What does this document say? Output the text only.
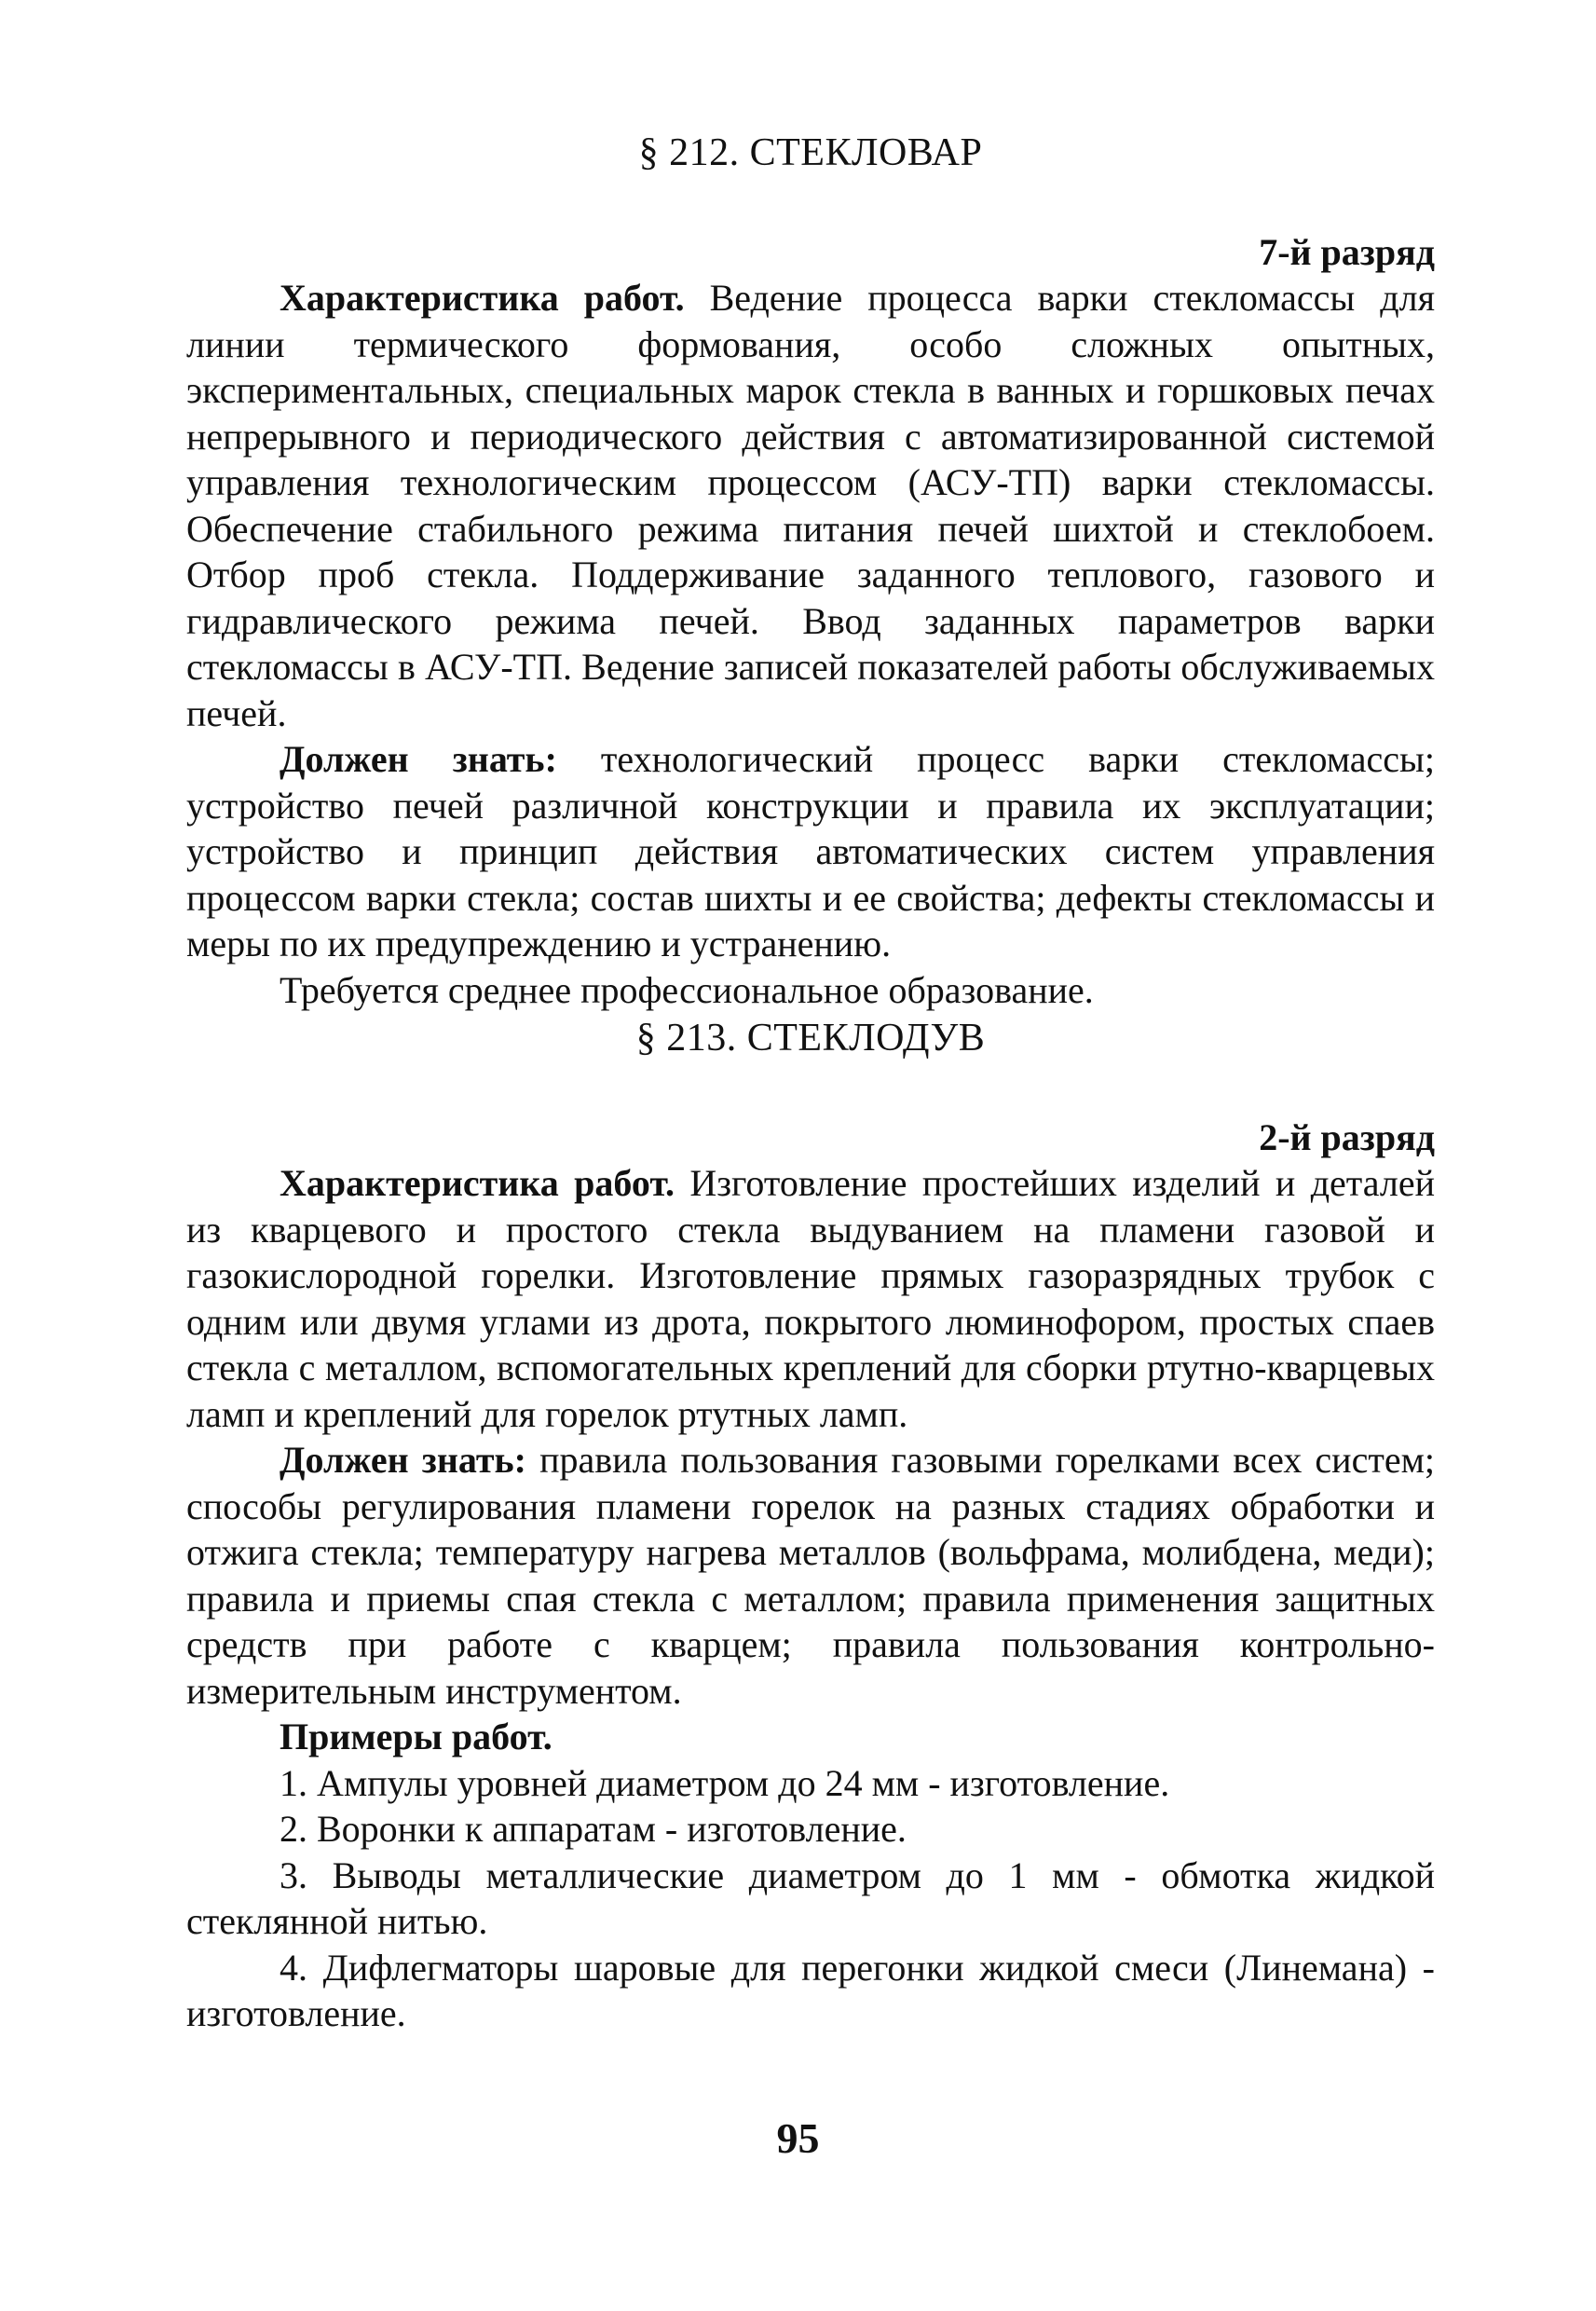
§ 212. СТЕКЛОВАР
7-й разряд

Характеристика работ. Ведение процесса варки стекломассы для линии термического формования, особо сложных опытных, экспериментальных, специальных марок стекла в ванных и горшковых печах непрерывного и периодического действия с автоматизированной системой управления технологическим процессом (АСУ-ТП) варки стекломассы. Обеспечение стабильного режима питания печей шихтой и стеклобоем. Отбор проб стекла. Поддерживание заданного теплового, газового и гидравлического режима печей. Ввод заданных параметров варки стекломассы в АСУ-ТП. Ведение записей показателей работы обслуживаемых печей.

Должен знать: технологический процесс варки стекломассы; устройство печей различной конструкции и правила их эксплуатации; устройство и принцип действия автоматических систем управления процессом варки стекла; состав шихты и ее свойства; дефекты стекломассы и меры по их предупреждению и устранению.

Требуется среднее профессиональное образование.

§ 213. СТЕКЛОДУВ
2-й разряд

Характеристика работ. Изготовление простейших изделий и деталей из кварцевого и простого стекла выдуванием на пламени газовой и газокислородной горелки. Изготовление прямых газоразрядных трубок с одним или двумя углами из дрота, покрытого люминофором, простых спаев стекла с металлом, вспомогательных креплений для сборки ртутно-кварцевых ламп и креплений для горелок ртутных ламп.

Должен знать: правила пользования газовыми горелками всех систем; способы регулирования пламени горелок на разных стадиях обработки и отжига стекла; температуру нагрева металлов (вольфрама, молибдена, меди); правила и приемы спая стекла с металлом; правила применения защитных средств при работе с кварцем; правила пользования контрольно-измерительным инструментом.

Примеры работ.

1. Ампулы уровней диаметром до 24 мм - изготовление.

2. Воронки к аппаратам - изготовление.

3. Выводы металлические диаметром до 1 мм - обмотка жидкой стеклянной нитью.

4. Дифлегматоры шаровые для перегонки жидкой смеси (Линемана) - изготовление.

95
